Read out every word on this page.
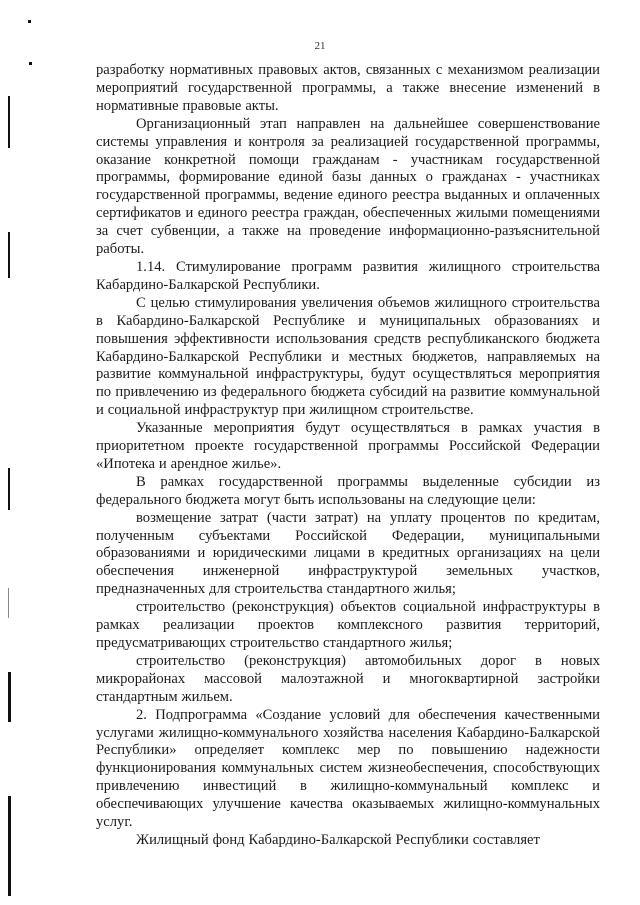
21

разработку нормативных правовых актов, связанных с механизмом реализации мероприятий государственной программы, а также внесение изменений в нормативные правовые акты.

Организационный этап направлен на дальнейшее совершенствование системы управления и контроля за реализацией государственной программы, оказание конкретной помощи гражданам - участникам государственной программы, формирование единой базы данных о гражданах - участниках государственной программы, ведение единого реестра выданных и оплаченных сертификатов и единого реестра граждан, обеспеченных жилыми помещениями за счет субвенции, а также на проведение информационно-разъяснительной работы.

1.14. Стимулирование программ развития жилищного строительства Кабардино-Балкарской Республики.

С целью стимулирования увеличения объемов жилищного строительства в Кабардино-Балкарской Республике и муниципальных образованиях и повышения эффективности использования средств республиканского бюджета Кабардино-Балкарской Республики и местных бюджетов, направляемых на развитие коммунальной инфраструктуры, будут осуществляться мероприятия по привлечению из федерального бюджета субсидий на развитие коммунальной и социальной инфраструктур при жилищном строительстве.

Указанные мероприятия будут осуществляться в рамках участия в приоритетном проекте государственной программы Российской Федерации «Ипотека и арендное жилье».

В рамках государственной программы выделенные субсидии из федерального бюджета могут быть использованы на следующие цели:

возмещение затрат (части затрат) на уплату процентов по кредитам, полученным субъектами Российской Федерации, муниципальными образованиями и юридическими лицами в кредитных организациях на цели обеспечения инженерной инфраструктурой земельных участков, предназначенных для строительства стандартного жилья;

строительство (реконструкция) объектов социальной инфраструктуры в рамках реализации проектов комплексного развития территорий, предусматривающих строительство стандартного жилья;

строительство (реконструкция) автомобильных дорог в новых микрорайонах массовой малоэтажной и многоквартирной застройки стандартным жильем.

2. Подпрограмма «Создание условий для обеспечения качественными услугами жилищно-коммунального хозяйства населения Кабардино-Балкарской Республики» определяет комплекс мер по повышению надежности функционирования коммунальных систем жизнеобеспечения, способствующих привлечению инвестиций в жилищно-коммунальный комплекс и обеспечивающих улучшение качества оказываемых жилищно-коммунальных услуг.

Жилищный фонд Кабардино-Балкарской Республики составляет
